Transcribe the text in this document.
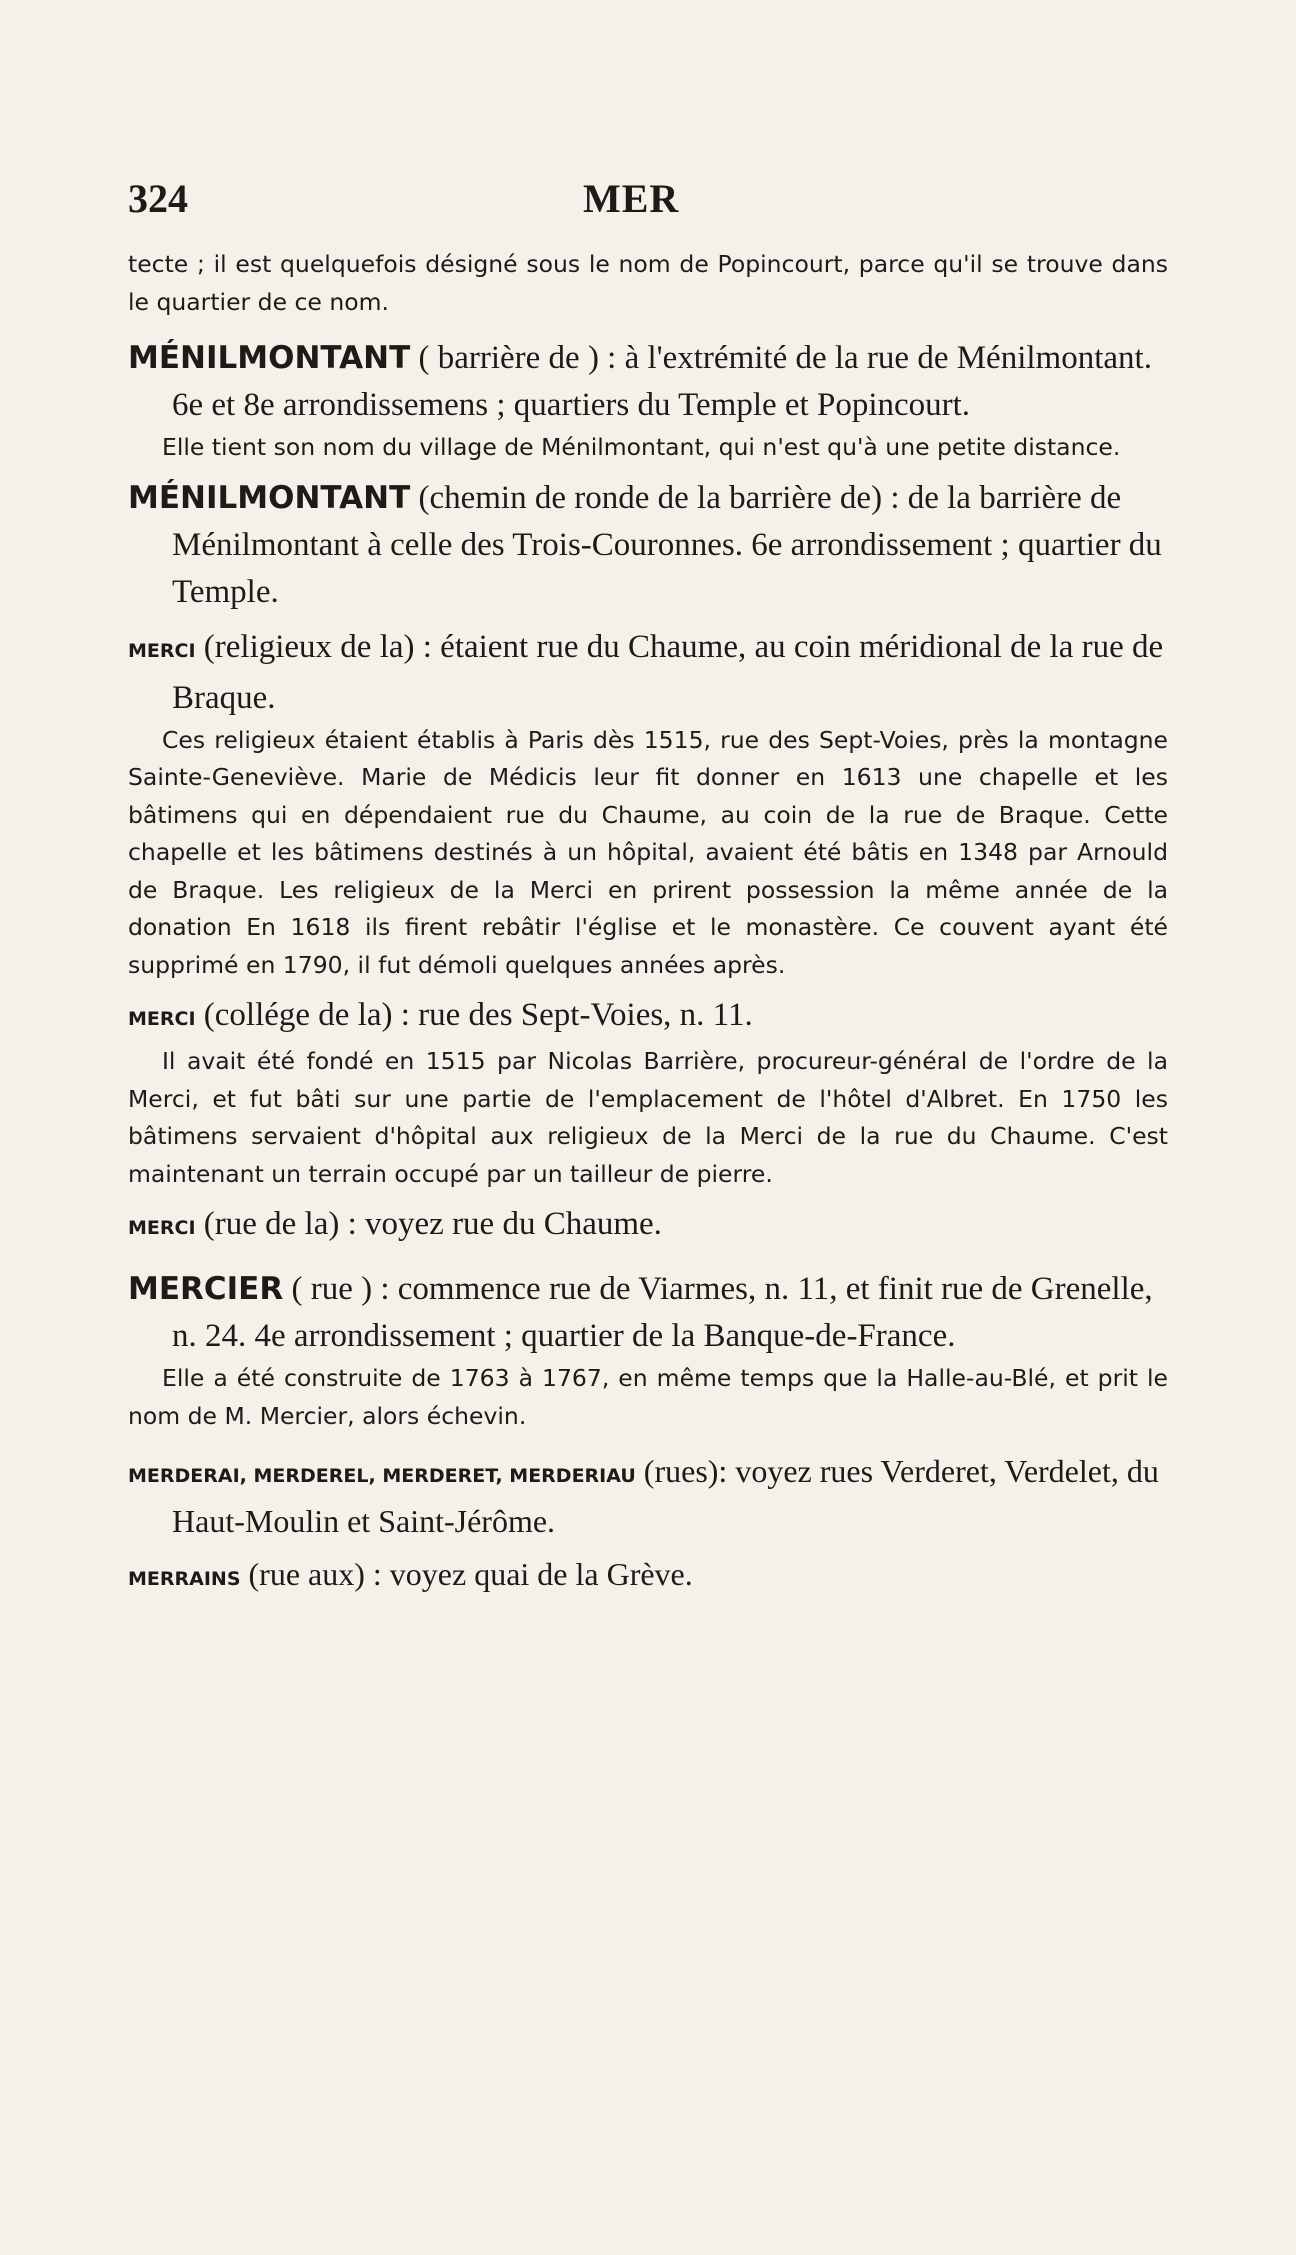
324	MER

tecte ; il est quelquefois désigné sous le nom de Popincourt, parce qu'il se trouve dans le quartier de ce nom.

MÉNILMONTANT ( barrière de ) : à l'extrémité de la rue de Ménilmontant. 6e et 8e arrondissemens ; quartiers du Temple et Popincourt.

Elle tient son nom du village de Ménilmontant, qui n'est qu'à une petite distance.

MÉNILMONTANT (chemin de ronde de la barrière de) : de la barrière de Ménilmontant à celle des Trois-Couronnes. 6e arrondissement ; quartier du Temple.

MERCI (religieux de la) : étaient rue du Chaume, au coin méridional de la rue de Braque.

Ces religieux étaient établis à Paris dès 1515, rue des Sept-Voies, près la montagne Sainte-Geneviève. Marie de Médicis leur fit donner en 1613 une chapelle et les bâtimens qui en dépendaient rue du Chaume, au coin de la rue de Braque. Cette chapelle et les bâtimens destinés à un hôpital, avaient été bâtis en 1348 par Arnould de Braque. Les religieux de la Merci en prirent possession la même année de la donation En 1618 ils firent rebâtir l'église et le monastère. Ce couvent ayant été supprimé en 1790, il fut démoli quelques années après.

MERCI (collége de la) : rue des Sept-Voies, n. 11.

Il avait été fondé en 1515 par Nicolas Barrière, procureur-général de l'ordre de la Merci, et fut bâti sur une partie de l'emplacement de l'hôtel d'Albret. En 1750 les bâtimens servaient d'hôpital aux religieux de la Merci de la rue du Chaume. C'est maintenant un terrain occupé par un tailleur de pierre.

MERCI (rue de la) : voyez rue du Chaume.

MERCIER ( rue ) : commence rue de Viarmes, n. 11, et finit rue de Grenelle, n. 24. 4e arrondissement ; quartier de la Banque-de-France.

Elle a été construite de 1763 à 1767, en même temps que la Halle-au-Blé, et prit le nom de M. Mercier, alors échevin.

MERDERAI, MERDEREL, MERDERET, MERDERIAU (rues): voyez rues Verderet, Verdelet, du Haut-Moulin et Saint-Jérôme.

MERRAINS (rue aux) : voyez quai de la Grève.
